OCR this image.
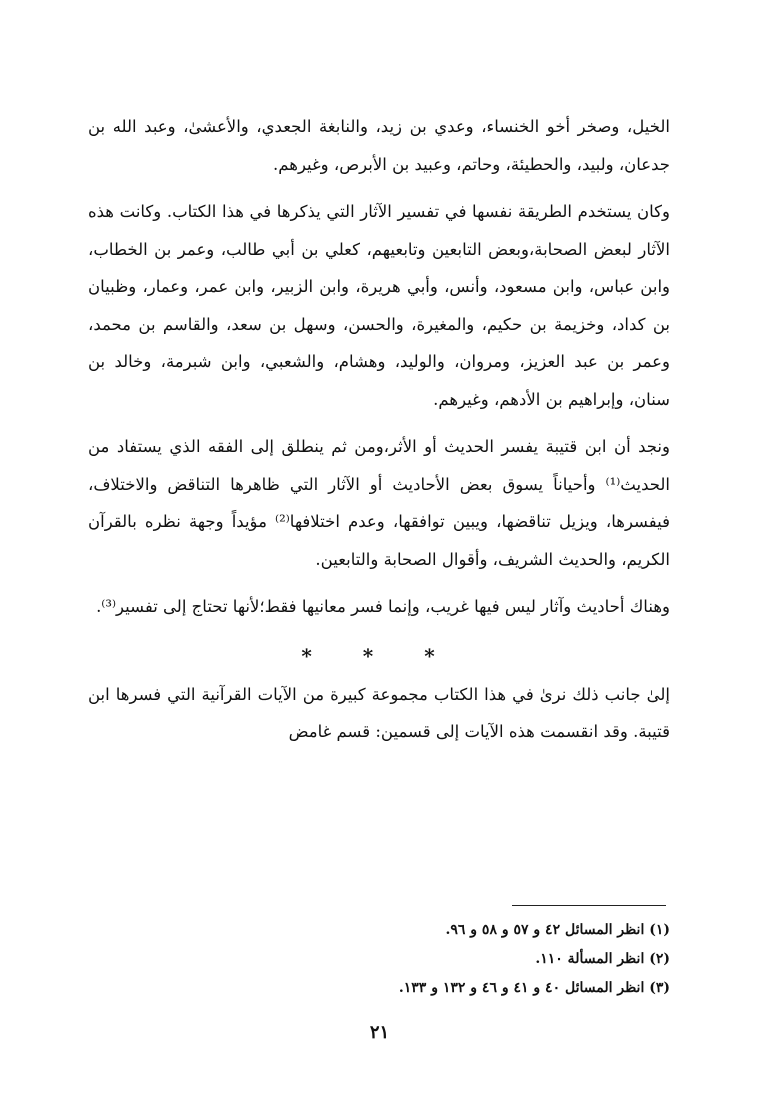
الخيل، وصخر أخو الخنساء، وعدي بن زيد، والنابغة الجعدي، والأعشىٰ، وعبد الله بن جدعان، ولبيد، والحطيئة، وحاتم، وعبيد بن الأبرص، وغيرهم.

وكان يستخدم الطريقة نفسها في تفسير الآثار التي يذكرها في هذا الكتاب. وكانت هذه الآثار لبعض الصحابة،وبعض التابعين وتابعيهم، كعلي بن أبي طالب، وعمر بن الخطاب، وابن عباس، وابن مسعود، وأنس، وأبي هريرة، وابن الزبير، وابن عمر، وعمار، وظبيان بن كداد، وخزيمة بن حكيم، والمغيرة، والحسن، وسهل بن سعد، والقاسم بن محمد، وعمر بن عبد العزيز، ومروان، والوليد، وهشام، والشعبي، وابن شبرمة، وخالد بن سنان، وإبراهيم بن الأدهم، وغيرهم.

ونجد أن ابن قتيبة يفسر الحديث أو الأثر،ومن ثم ينطلق إلى الفقه الذي يستفاد من الحديث⁽¹⁾ وأحياناً يسوق بعض الأحاديث أو الآثار التي ظاهرها التناقض والاختلاف، فيفسرها، ويزيل تناقضها، ويبين توافقها، وعدم اختلافها⁽²⁾ مؤيداً وجهة نظره بالقرآن الكريم، والحديث الشريف، وأقوال الصحابة والتابعين.

وهناك أحاديث وآثار ليس فيها غريب، وإنما فسر معانيها فقط؛لأنها تحتاج إلى تفسير⁽³⁾.

* * *

إلىٰ جانب ذلك نرىٰ في هذا الكتاب مجموعة كبيرة من الآيات القرآنية التي فسرها ابن قتيبة. وقد انقسمت هذه الآيات إلى قسمين: قسم غامض

(١) انظر المسائل ٤٢ و ٥٧ و ٥٨ و ٩٦.
(٢) انظر المسألة ١١٠.
(٣) انظر المسائل ٤٠ و ٤١ و ٤٦ و ١٣٢ و ١٣٣.
٢١
